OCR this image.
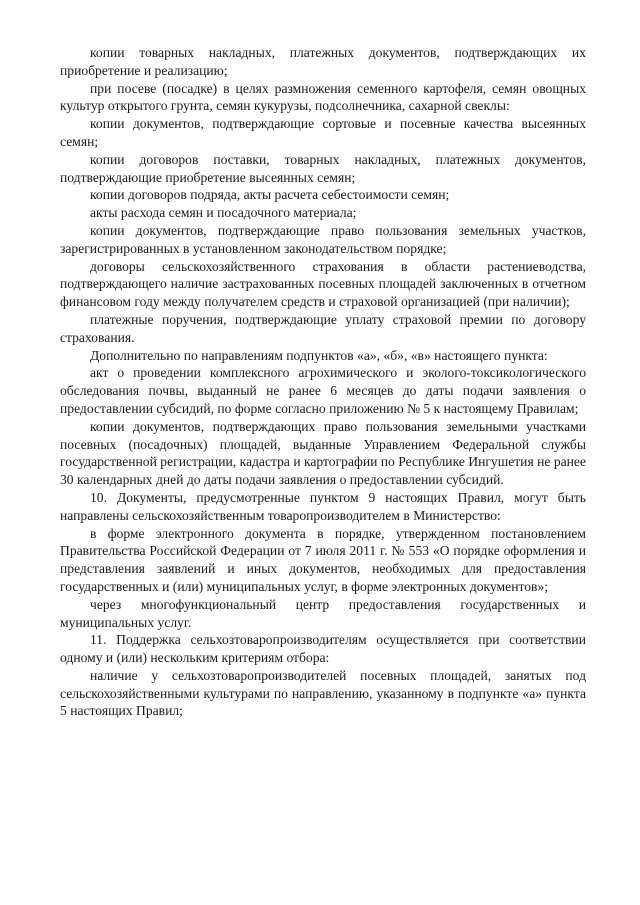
копии товарных накладных, платежных документов, подтверждающих их приобретение и реализацию;

при посеве (посадке) в целях размножения семенного картофеля, семян овощных культур открытого грунта, семян кукурузы, подсолнечника, сахарной свеклы:

копии документов, подтверждающие сортовые и посевные качества высеянных семян;

копии договоров поставки, товарных накладных, платежных документов, подтверждающие приобретение высеянных семян;

копии договоров подряда, акты расчета себестоимости семян;

акты расхода семян и посадочного материала;

копии документов, подтверждающие право пользования земельных участков, зарегистрированных в установленном законодательством порядке;

договоры сельскохозяйственного страхования в области растениеводства, подтверждающего наличие застрахованных посевных площадей заключенных в отчетном финансовом году между получателем средств и страховой организацией (при наличии);

платежные поручения, подтверждающие уплату страховой премии по договору страхования.

Дополнительно по направлениям подпунктов «а», «б», «в» настоящего пункта:

акт о проведении комплексного агрохимического и эколого-токсикологического обследования почвы, выданный не ранее 6 месяцев до даты подачи заявления о предоставлении субсидий, по форме согласно приложению № 5 к настоящему Правилам;

копии документов, подтверждающих право пользования земельными участками посевных (посадочных) площадей, выданные Управлением Федеральной службы государственной регистрации, кадастра и картографии по Республике Ингушетия не ранее 30 календарных дней до даты подачи заявления о предоставлении субсидий.

10. Документы, предусмотренные пунктом 9 настоящих Правил, могут быть направлены сельскохозяйственным товаропроизводителем в Министерство:

в форме электронного документа в порядке, утвержденном постановлением Правительства Российской Федерации от 7 июля 2011 г. № 553 «О порядке оформления и представления заявлений и иных документов, необходимых для предоставления государственных и (или) муниципальных услуг, в форме электронных документов»;

через многофункциональный центр предоставления государственных и муниципальных услуг.

11. Поддержка сельхозтоваропроизводителям осуществляется при соответствии одному и (или) нескольким критериям отбора:

наличие у сельхозтоваропроизводителей посевных площадей, занятых под сельскохозяйственными культурами по направлению, указанному в подпункте «а» пункта 5 настоящих Правил;
